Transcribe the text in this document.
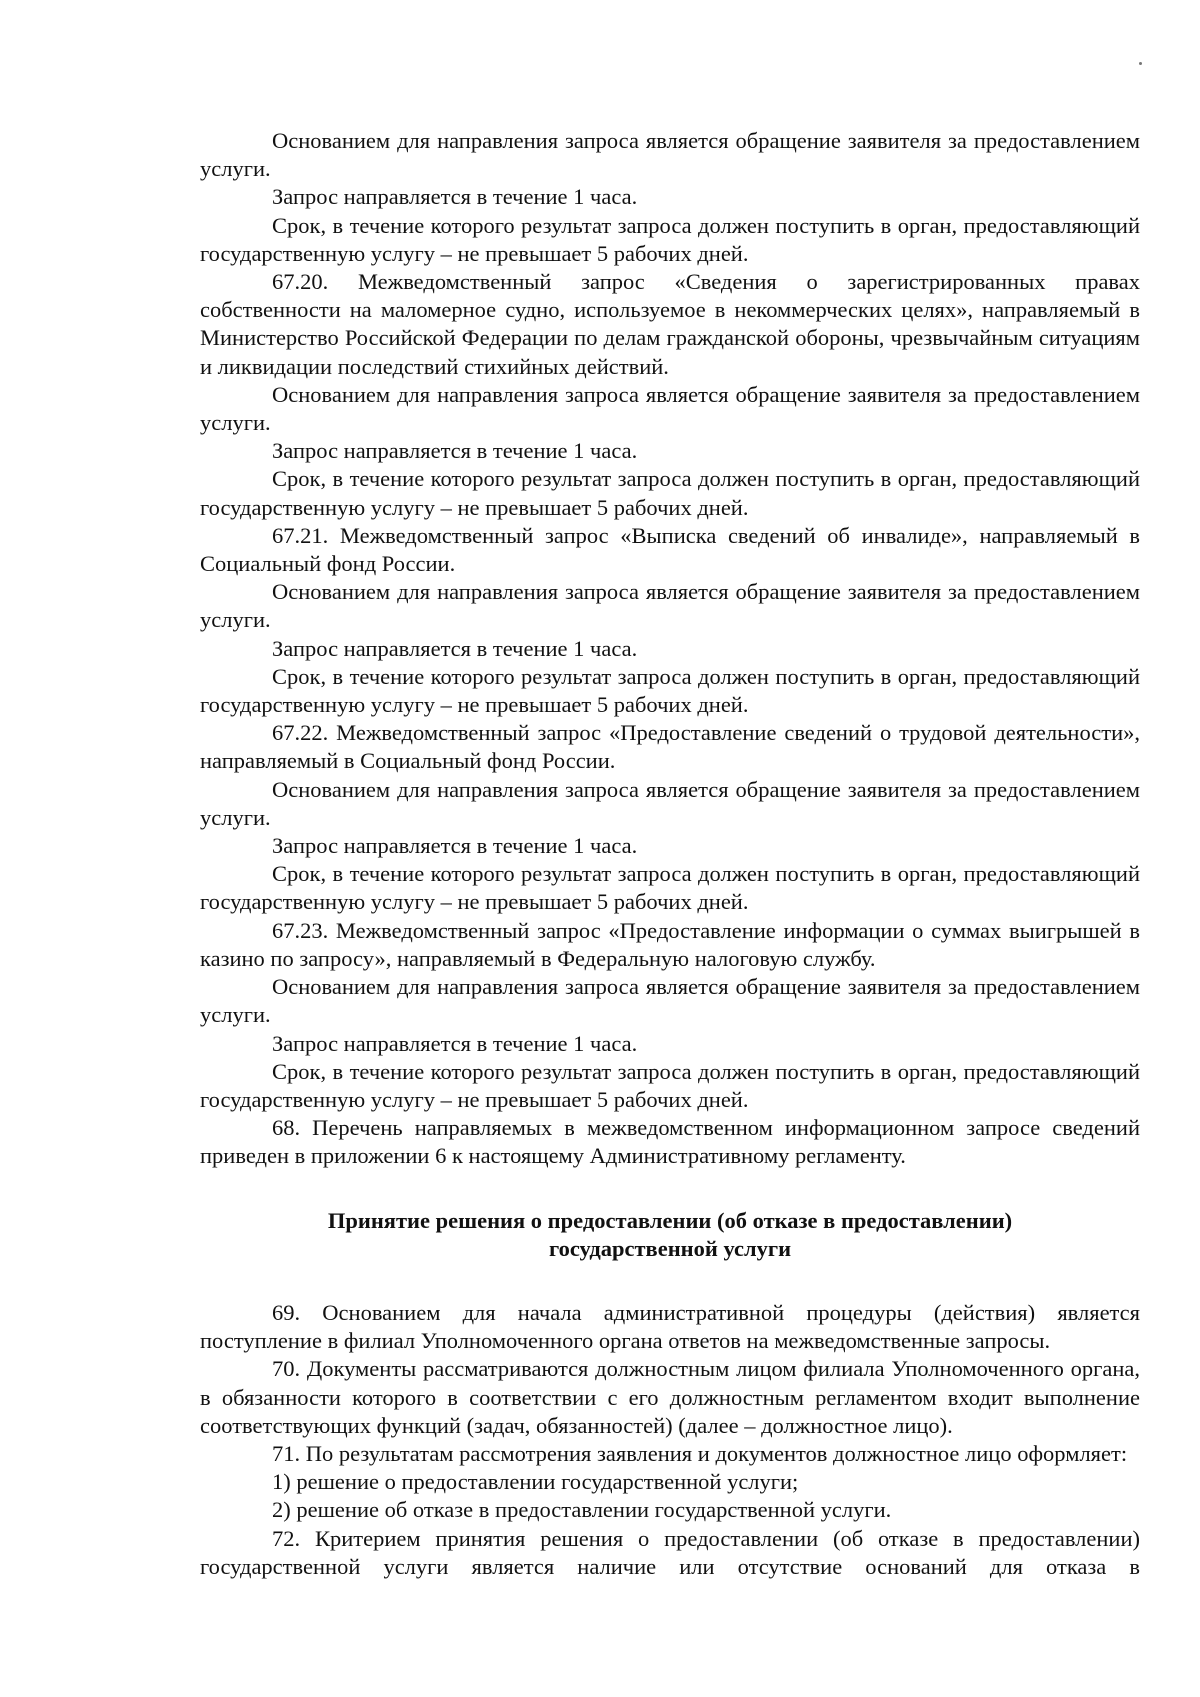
Основанием для направления запроса является обращение заявителя за предоставлением услуги.

Запрос направляется в течение 1 часа.

Срок, в течение которого результат запроса должен поступить в орган, предоставляющий государственную услугу – не превышает 5 рабочих дней.

67.20. Межведомственный запрос «Сведения о зарегистрированных правах собственности на маломерное судно, используемое в некоммерческих целях», направляемый в Министерство Российской Федерации по делам гражданской обороны, чрезвычайным ситуациям и ликвидации последствий стихийных действий.

Основанием для направления запроса является обращение заявителя за предоставлением услуги.

Запрос направляется в течение 1 часа.

Срок, в течение которого результат запроса должен поступить в орган, предоставляющий государственную услугу – не превышает 5 рабочих дней.

67.21. Межведомственный запрос «Выписка сведений об инвалиде», направляемый в Социальный фонд России.

Основанием для направления запроса является обращение заявителя за предоставлением услуги.

Запрос направляется в течение 1 часа.

Срок, в течение которого результат запроса должен поступить в орган, предоставляющий государственную услугу – не превышает 5 рабочих дней.

67.22. Межведомственный запрос «Предоставление сведений о трудовой деятельности», направляемый в Социальный фонд России.

Основанием для направления запроса является обращение заявителя за предоставлением услуги.

Запрос направляется в течение 1 часа.

Срок, в течение которого результат запроса должен поступить в орган, предоставляющий государственную услугу – не превышает 5 рабочих дней.

67.23. Межведомственный запрос «Предоставление информации о суммах выигрышей в казино по запросу», направляемый в Федеральную налоговую службу.

Основанием для направления запроса является обращение заявителя за предоставлением услуги.

Запрос направляется в течение 1 часа.

Срок, в течение которого результат запроса должен поступить в орган, предоставляющий государственную услугу – не превышает 5 рабочих дней.

68. Перечень направляемых в межведомственном информационном запросе сведений приведен в приложении 6 к настоящему Административному регламенту.

Принятие решения о предоставлении (об отказе в предоставлении)
государственной услуги

69. Основанием для начала административной процедуры (действия) является поступление в филиал Уполномоченного органа ответов на межведомственные запросы.

70. Документы рассматриваются должностным лицом филиала Уполномоченного органа, в обязанности которого в соответствии с его должностным регламентом входит выполнение соответствующих функций (задач, обязанностей) (далее – должностное лицо).

71. По результатам рассмотрения заявления и документов должностное лицо оформляет:

1) решение о предоставлении государственной услуги;

2) решение об отказе в предоставлении государственной услуги.

72. Критерием принятия решения о предоставлении (об отказе в предоставлении) государственной услуги является наличие или отсутствие оснований для отказа в
